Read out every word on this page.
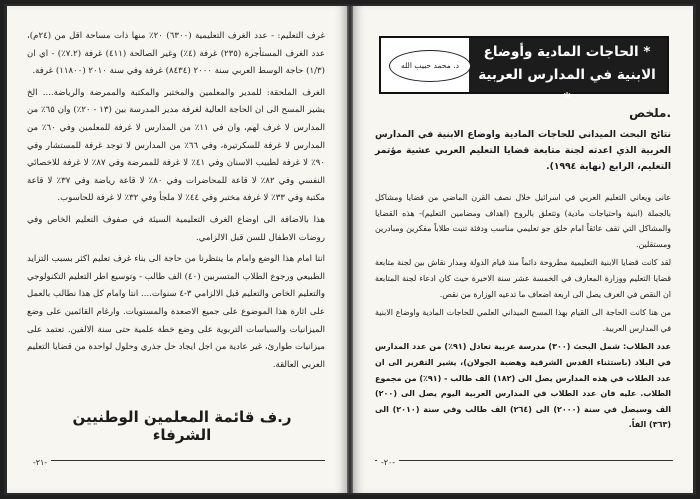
غرف التعليم: - عدد الغرف التعليمية (٦٣٠٠) ٢٠٪ منها ذات مساحة اقل من (٢٤م)، عدد الغرف المستأجرة (٢٣٥) غرفة (٤٪) وغير الصالحة (٤١١) غرفة (٧.٢٪) - اي ان (١/٣) حاجة الوسط العربي سنة ٢٠٠٠ (٨٤٣٤) غرفة وفي سنة ٢٠١٠ (١١٨٠٠) غرفة.

الغرف الملحقة: للمدير والمعلمين والمختبر والمكتبة والممرضة والرياضة.... الخ يشير المسح الى ان الحاجة العالية لغرفة مدير المدرسة بين (١٣ - ٢٠٪) وان ٦٥٪ من المدارس لا غرف لهم، وان في ١١٪ من المدارس لا غرفة للمعلمين وفي ٦٠٪ من المدارس لا غرفة للسكرتيرة، وفي ٦٦٪ من المدارس لا توجد غرفة للمستشار وفي ٩٠٪ لا غرفة لطبيب الاسنان وفي ٤١٪ لا غرفة للممرضة وفي ٨٧٪ لا غرفة للاخصائي النفسي وفي ٨٢٪ لا قاعة للمحاضرات وفي ٨٠٪ لا قاعة رياضة وفي ٣٧٪ لا قاعة مكتبة وفي ٣٣٪ لا غرفة مختبر وفي ٤٤٪ لا ملجأ وفي ٣٢٪ لا غرفة للحاسوب.

هذا بالاضافة الى اوضاع الغرف التعليمية السيئة في صفوف التعليم الخاص وفي روضات الاطفال للسن قبل الالزامي.

انتا امام هذا الوضع وامام ما ينتظرنا من حاجة الى بناء غرف تعليم اكثر بسبب التزايد الطبيعي ورجوع الطلاب المتسربين (٤٠) الف طالب - وتوسيع اطر التعليم التكنولوجي والتعليم الخاص والتعليم قبل الالزامي ٣-٤ سنوات.... انتا وامام كل هذا نطالب بالعمل على اثارة هذا الموضوع على جميع الاصعدة والمستويات. وارغام القائمين على وضع الميزانيات والسياسات التربوية على وضع خطة علمية حتى سنة الالفين. تعتمد على ميزانيات طوارئ، غير عادية من اجل ايجاد حل جذري وحلول لواحدة من قضايا التعليم العربي العالقة.

ر.ف قائمة المعلمين الوطنيين الشرفاء
-٢١-
* الحاجات المادية وأوضاع
الابنية في المدارس العربية *
د. محمد حبيب الله
.ملخص
نتائج البحث الميداني للحاجات المادية واوضاع الابنية في المدارس العربية الذي اعدته لجنة متابعة قضايا التعليم العربي عشية مؤتمر التعليم، الرابع (نهاية ١٩٩٤).

عانى ويعاني التعليم العربي في اسرائيل خلال نصف القرن الماضي من قضايا ومشاكل بالجملة (ابنية واحتياجات مادية) وتتعلق بالروح (اهداف ومضامين التعليم)- هذه القضايا والمشاكل التي تقف عائقاً امام خلق جو تعليمي مناسب ودفئة تنبت طلاباً مفكرين ومبادرين ومستقلين.

لقد كانت قضايا الابنية التعليمية مطروحة دائماً منذ قيام الدولة ومدار نقاش بين لجنة متابعة قضايا التعليم ووزارة المعارف في الخمسة عشر سنة الاخيرة حيث كان ادعاء لجنة المتابعة ان النقص في الغرف يصل الى اربعة اضعاف ما تدعيه الوزارة من نقص.

من هنا كانت الحاجة الى القيام بهذا المسح الميداني العلمي للحاجات المادية واوضاع الابنية في المدارس العربية.

عدد الطلاب: شمل البحث (٣٠٠) مدرسة عربية تعادل (٩١٪) من عدد المدارس في البلاد (باستثناء القدس الشرقية وهضبة الجولان)، يشير التقرير الى ان عدد الطلاب في هذه المدارس يصل الى (١٨٢) الف طالب - (٩١٪) من مجموع الطلاب. عليه فان عدد الطلاب في المدارس العربية اليوم يصل الى (٢٠٠) الف وسيصل في سنة (٢٠٠٠) الى (٢٦٤) الف طالب وفي سنة (٢٠١٠) الى (٣٦٣) الفاً.

-٢٠-
